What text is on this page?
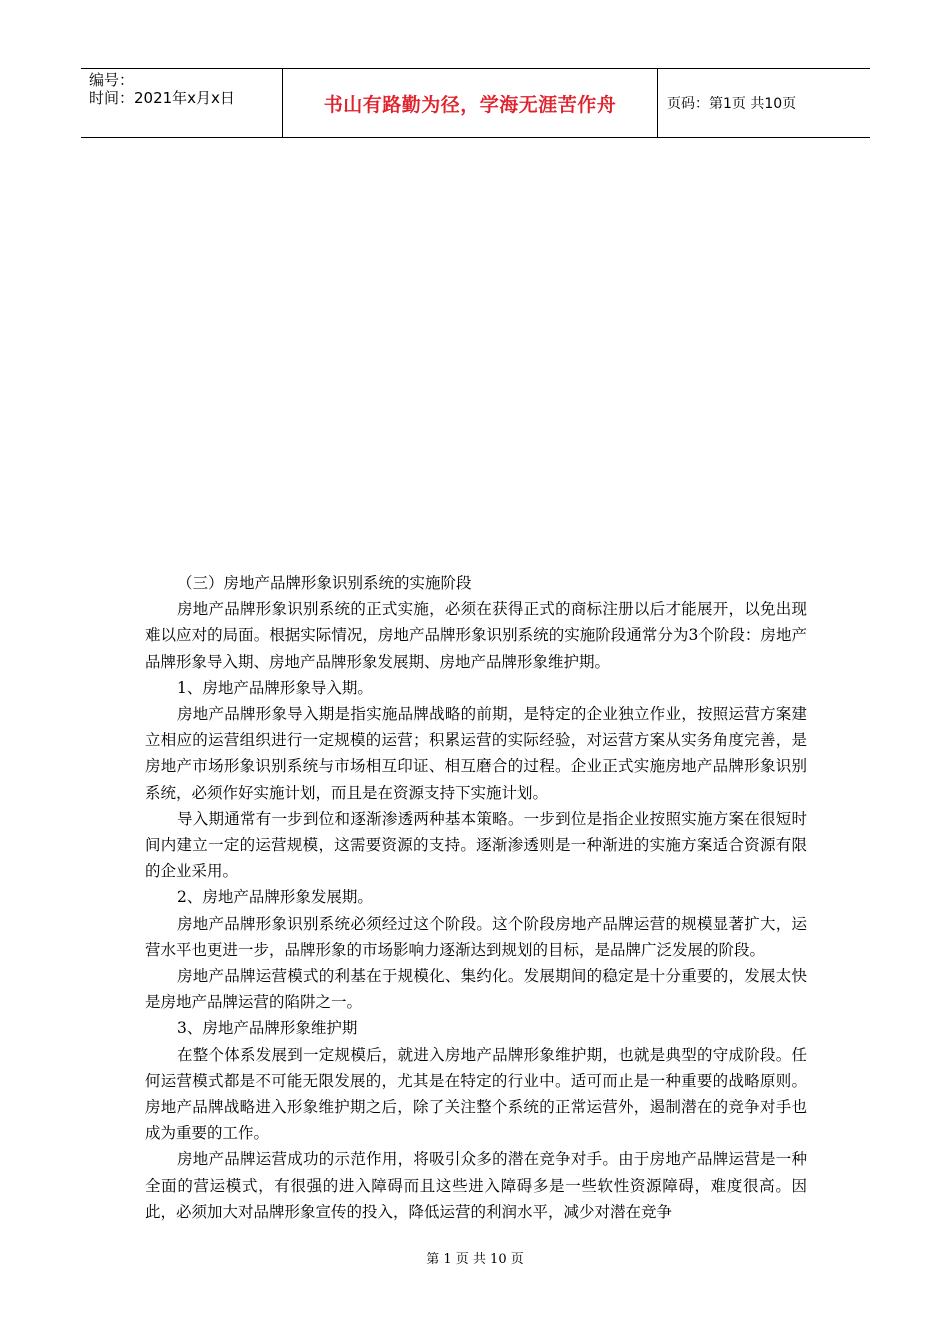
编号：
时间：2021年x月x日	书山有路勤为径，学海无涯苦作舟	页码：第1页 共10页

（三）房地产品牌形象识别系统的实施阶段

房地产品牌形象识别系统的正式实施，必须在获得正式的商标注册以后才能展开，以免出现难以应对的局面。根据实际情况，房地产品牌形象识别系统的实施阶段通常分为3个阶段：房地产品牌形象导入期、房地产品牌形象发展期、房地产品牌形象维护期。

1、房地产品牌形象导入期。

房地产品牌形象导入期是指实施品牌战略的前期，是特定的企业独立作业，按照运营方案建立相应的运营组织进行一定规模的运营；积累运营的实际经验，对运营方案从实务角度完善，是房地产市场形象识别系统与市场相互印证、相互磨合的过程。企业正式实施房地产品牌形象识别系统，必须作好实施计划，而且是在资源支持下实施计划。

导入期通常有一步到位和逐渐渗透两种基本策略。一步到位是指企业按照实施方案在很短时间内建立一定的运营规模，这需要资源的支持。逐渐渗透则是一种渐进的实施方案适合资源有限的企业采用。

2、房地产品牌形象发展期。

房地产品牌形象识别系统必须经过这个阶段。这个阶段房地产品牌运营的规模显著扩大，运营水平也更进一步，品牌形象的市场影响力逐渐达到规划的目标，是品牌广泛发展的阶段。

房地产品牌运营模式的利基在于规模化、集约化。发展期间的稳定是十分重要的，发展太快是房地产品牌运营的陷阱之一。

3、房地产品牌形象维护期

在整个体系发展到一定规模后，就进入房地产品牌形象维护期，也就是典型的守成阶段。任何运营模式都是不可能无限发展的，尤其是在特定的行业中。适可而止是一种重要的战略原则。房地产品牌战略进入形象维护期之后，除了关注整个系统的正常运营外，遏制潜在的竞争对手也成为重要的工作。

房地产品牌运营成功的示范作用，将吸引众多的潜在竞争对手。由于房地产品牌运营是一种全面的营运模式，有很强的进入障碍而且这些进入障碍多是一些软性资源障碍，难度很高。因此，必须加大对品牌形象宣传的投入，降低运营的利润水平，减少对潜在竞争

第 1 页 共 10 页
